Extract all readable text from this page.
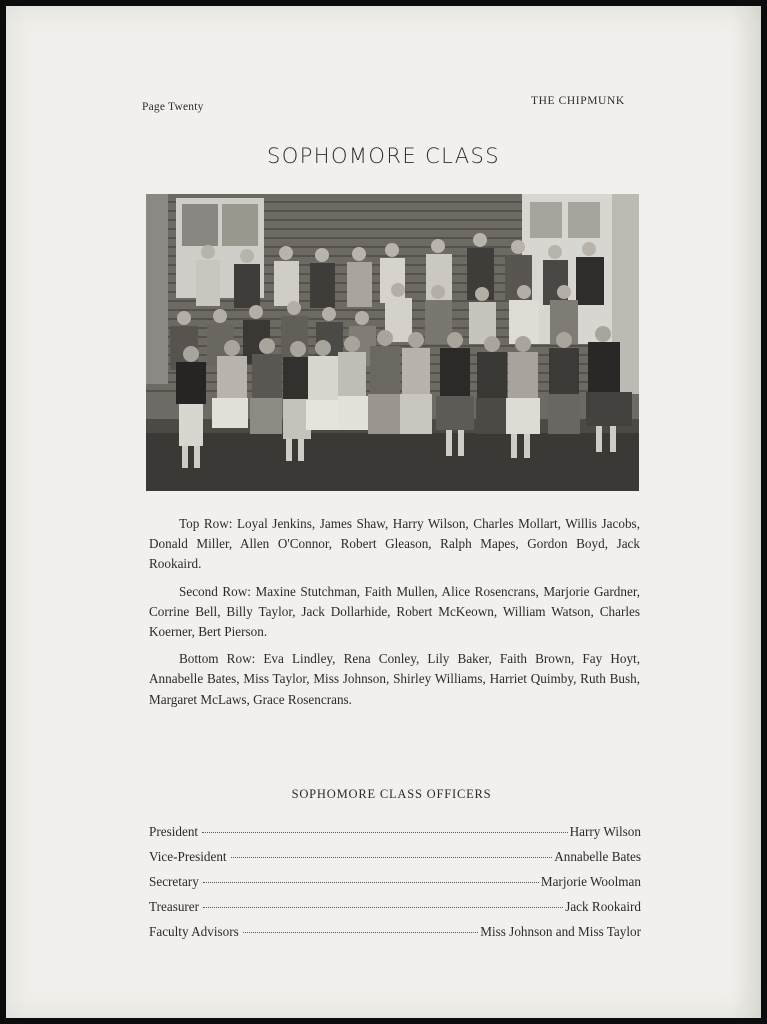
Page Twenty	THE CHIPMUNK
SOPHOMORE CLASS

Top Row: Loyal Jenkins, James Shaw, Harry Wilson, Charles Mollart, Willis Jacobs, Donald Miller, Allen O'Connor, Robert Gleason, Ralph Mapes, Gordon Boyd, Jack Rookaird.

Second Row: Maxine Stutchman, Faith Mullen, Alice Rosencrans, Marjorie Gardner, Corrine Bell, Billy Taylor, Jack Dollarhide, Robert McKeown, William Watson, Charles Koerner, Bert Pierson.

Bottom Row: Eva Lindley, Rena Conley, Lily Baker, Faith Brown, Fay Hoyt, Annabelle Bates, Miss Taylor, Miss Johnson, Shirley Williams, Harriet Quimby, Ruth Bush, Margaret McLaws, Grace Rosencrans.

SOPHOMORE CLASS OFFICERS
President	Harry Wilson
Vice-President	Annabelle Bates
Secretary	Marjorie Woolman
Treasurer	Jack Rookaird
Faculty Advisors	Miss Johnson and Miss Taylor
